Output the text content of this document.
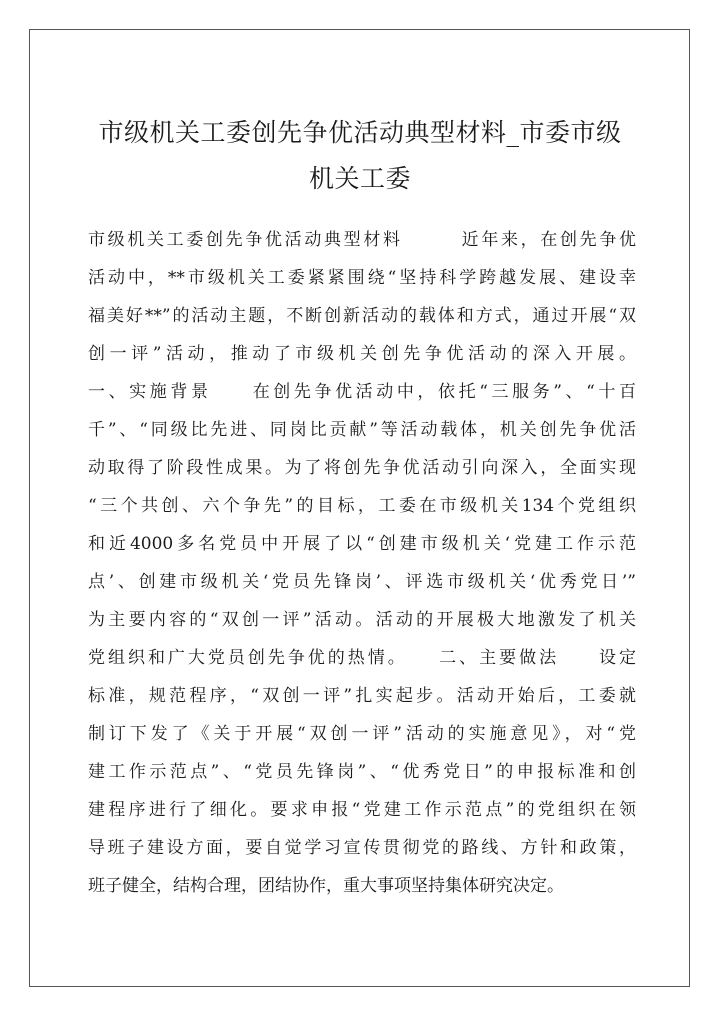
市级机关工委创先争优活动典型材料_市委市级
机关工委
市级机关工委创先争优活动典型材料　　　近年来，在创先争优
活动中，**市级机关工委紧紧围绕“坚持科学跨越发展、建设幸
福美好**”的活动主题，不断创新活动的载体和方式，通过开展“双
创一评”活动，推动了市级机关创先争优活动的深入开展。
一、实施背景　　在创先争优活动中，依托“三服务”、“十百
千”、“同级比先进、同岗比贡献”等活动载体，机关创先争优活
动取得了阶段性成果。为了将创先争优活动引向深入，全面实现
“三个共创、六个争先”的目标，工委在市级机关134个党组织
和近4000多名党员中开展了以“创建市级机关‘党建工作示范
点’、创建市级机关‘党员先锋岗’、评选市级机关‘优秀党日’”
为主要内容的“双创一评”活动。活动的开展极大地激发了机关
党组织和广大党员创先争优的热情。　　二、主要做法　　设定
标准，规范程序，“双创一评”扎实起步。活动开始后，工委就
制订下发了《关于开展“双创一评”活动的实施意见》，对“党
建工作示范点”、“党员先锋岗”、“优秀党日”的申报标准和创
建程序进行了细化。要求申报“党建工作示范点”的党组织在领
导班子建设方面，要自觉学习宣传贯彻党的路线、方针和政策，
班子健全，结构合理，团结协作，重大事项坚持集体研究决定。
